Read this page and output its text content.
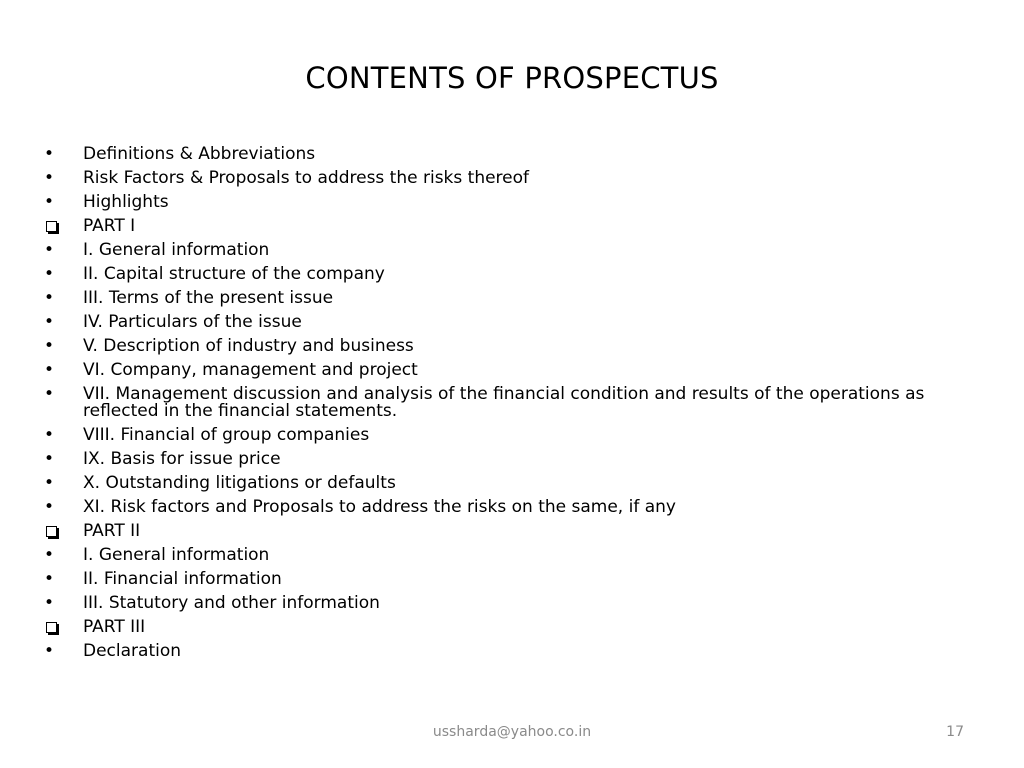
CONTENTS OF PROSPECTUS
• Definitions & Abbreviations
• Risk Factors & Proposals to address the risks thereof
• Highlights
PART I
• I. General information
• II. Capital structure of the company
• III. Terms of the present issue
• IV. Particulars of the issue
• V. Description of industry and business
• VI. Company, management and project
• VII. Management discussion and analysis of the financial condition and results of the operations as reflected in the financial statements.
• VIII. Financial of group companies
• IX. Basis for issue price
• X. Outstanding litigations or defaults
• XI. Risk factors and Proposals to address the risks on the same, if any
PART II
• I. General information
• II. Financial information
• III. Statutory and other information
PART III
• Declaration
ussharda@yahoo.co.in	17
